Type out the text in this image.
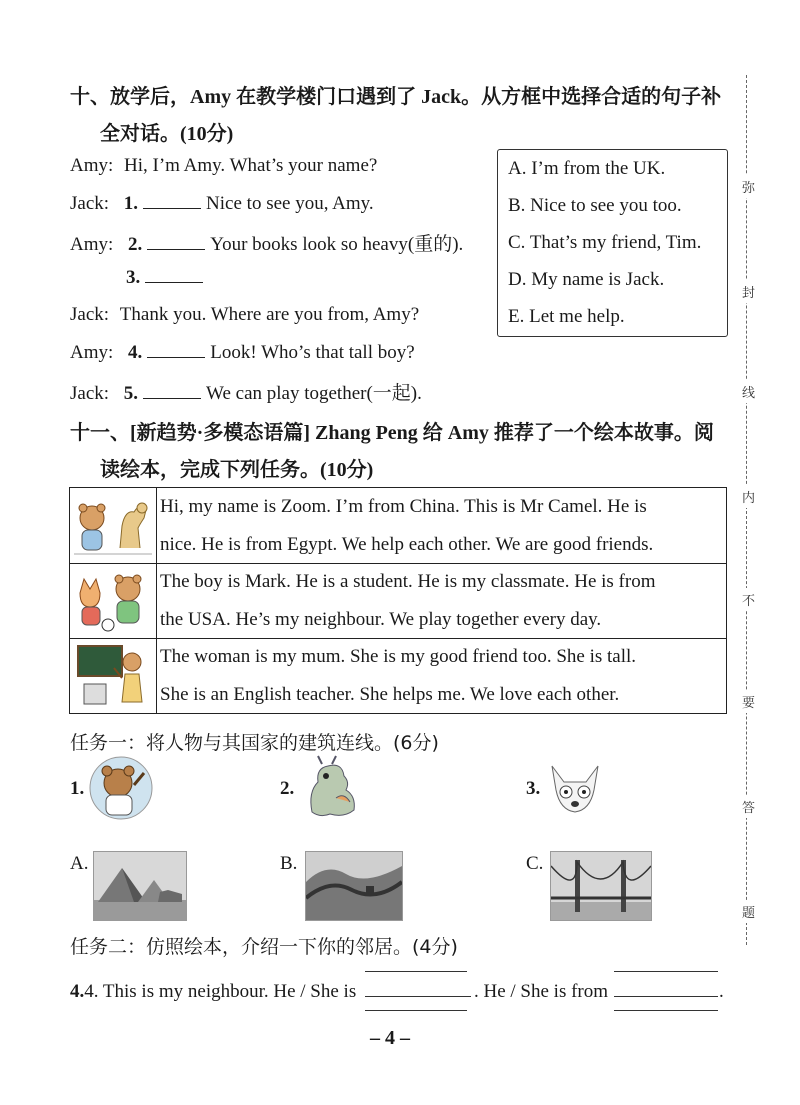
十、放学后，Amy 在教学楼门口遇到了 Jack。从方框中选择合适的句子补
全对话。(10分)
Amy: Hi, I’m Amy. What’s your name?
Jack: 1.	Nice to see you, Amy.
Amy: 2.	Your books look so heavy(重的).
3.
Jack: Thank you. Where are you from, Amy?
Amy: 4.	Look! Who’s that tall boy?
Jack: 5.	We can play together(一起).
A. I’m from the UK.
B. Nice to see you too.
C. That’s my friend, Tim.
D. My name is Jack.
E. Let me help.
十一、[新趋势·多模态语篇] Zhang Peng 给 Amy 推荐了一个绘本故事。阅
读绘本，完成下列任务。(10分)
Hi, my name is Zoom. I’m from China. This is Mr Camel. He is
nice. He is from Egypt. We help each other. We are good friends.
The boy is Mark. He is a student. He is my classmate. He is from
the USA. He’s my neighbour. We play together every day.
The woman is my mum. She is my good friend too. She is tall.
She is an English teacher. She helps me. We love each other.
任务一：将人物与其国家的建筑连线。(6分)
1.	2.	3.
A.	B.	C.
任务二：仿照绘本，介绍一下你的邻居。(4分)
4.4. This is my neighbour. He / She is	. He / She is from	.
– 4 –
弥
封
线
内
不
要
答
题
